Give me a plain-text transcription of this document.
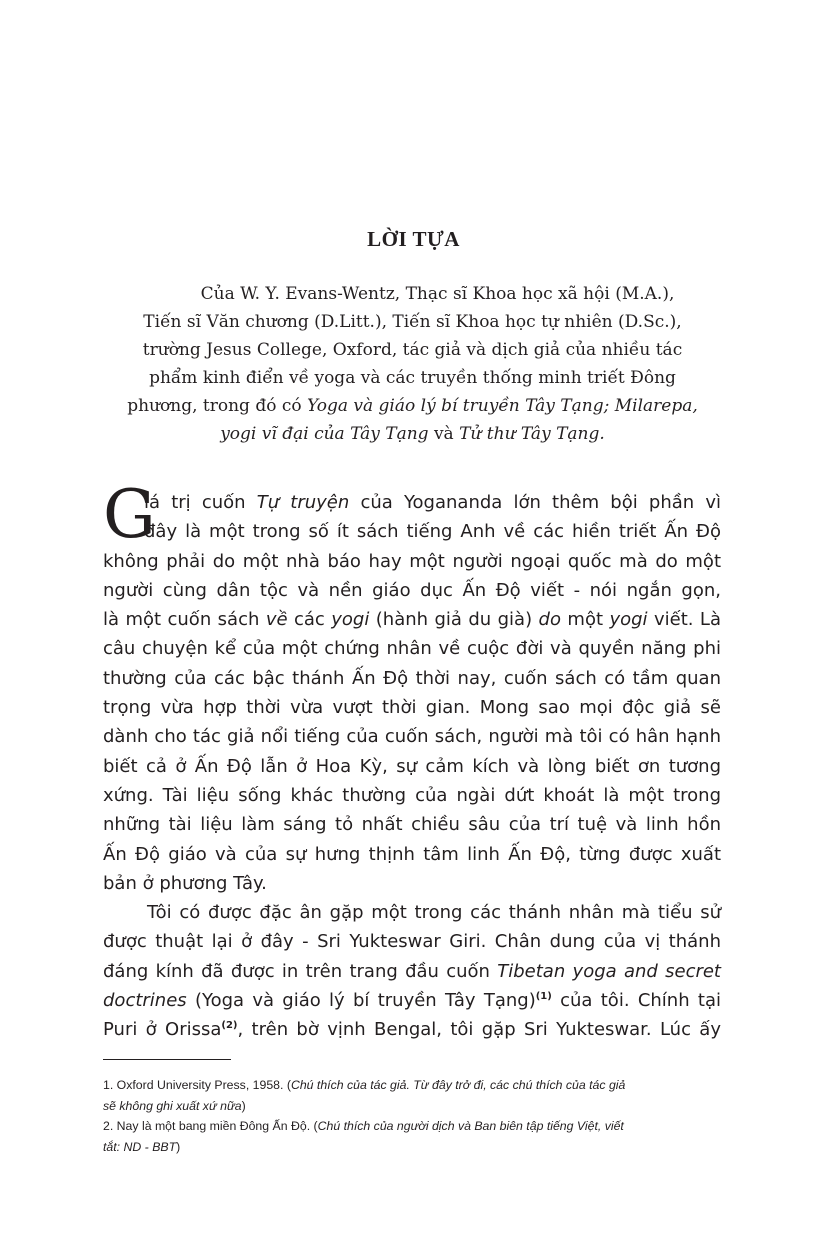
LỜI TỰA
Của W. Y. Evans-Wentz, Thạc sĩ Khoa học xã hội (M.A.),
Tiến sĩ Văn chương (D.Litt.), Tiến sĩ Khoa học tự nhiên (D.Sc.),
trường Jesus College, Oxford, tác giả và dịch giả của nhiều tác
phẩm kinh điển về yoga và các truyền thống minh triết Đông
phương, trong đó có Yoga và giáo lý bí truyền Tây Tạng; Milarepa,
yogi vĩ đại của Tây Tạng và Tử thư Tây Tạng.
G
iá trị cuốn Tự truyện của Yogananda lớn thêm bội phần vì
đây là một trong số ít sách tiếng Anh về các hiền triết Ấn Độ
không phải do một nhà báo hay một người ngoại quốc mà do một
người cùng dân tộc và nền giáo dục Ấn Độ viết - nói ngắn gọn,
là một cuốn sách về các yogi (hành giả du già) do một yogi viết. Là
câu chuyện kể của một chứng nhân về cuộc đời và quyền năng phi
thường của các bậc thánh Ấn Độ thời nay, cuốn sách có tầm quan
trọng vừa hợp thời vừa vượt thời gian. Mong sao mọi độc giả sẽ
dành cho tác giả nổi tiếng của cuốn sách, người mà tôi có hân hạnh
biết cả ở Ấn Độ lẫn ở Hoa Kỳ, sự cảm kích và lòng biết ơn tương
xứng. Tài liệu sống khác thường của ngài dứt khoát là một trong
những tài liệu làm sáng tỏ nhất chiều sâu của trí tuệ và linh hồn
Ấn Độ giáo và của sự hưng thịnh tâm linh Ấn Độ, từng được xuất
bản ở phương Tây.
Tôi có được đặc ân gặp một trong các thánh nhân mà tiểu sử
được thuật lại ở đây - Sri Yukteswar Giri. Chân dung của vị thánh
đáng kính đã được in trên trang đầu cuốn Tibetan yoga and secret
doctrines (Yoga và giáo lý bí truyền Tây Tạng)$^{(1)}$ của tôi. Chính tại
Puri ở Orissa$^{(2)}$, trên bờ vịnh Bengal, tôi gặp Sri Yukteswar. Lúc ấy
1. Oxford University Press, 1958. (Chú thích của tác giả. Từ đây trở đi, các chú thích của tác giả
sẽ không ghi xuất xứ nữa)
2. Nay là một bang miền Đông Ấn Độ. (Chú thích của người dịch và Ban biên tập tiếng Việt, viết
tắt: ND - BBT)
